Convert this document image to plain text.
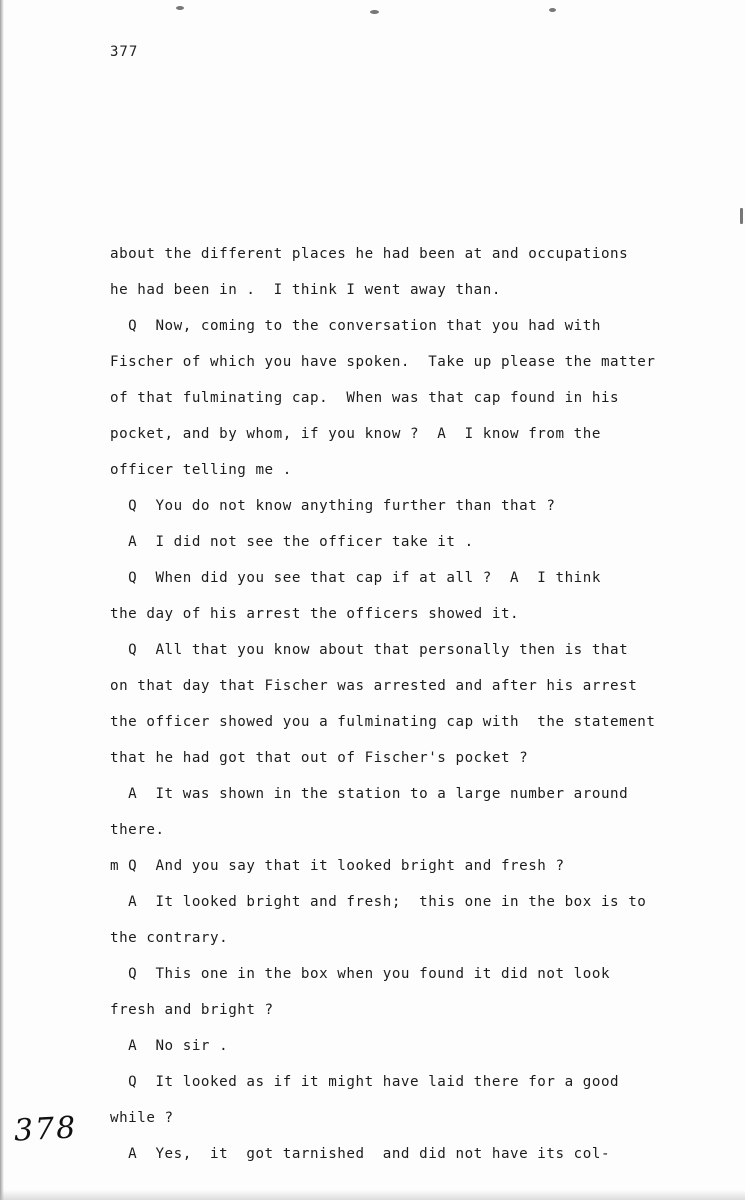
377
about the different places he had been at and occupations
he had been in .  I think I went away than.
Q  Now, coming to the conversation that you had with
Fischer of which you have spoken.  Take up please the matter
of that fulminating cap.  When was that cap found in his
pocket, and by whom, if you know ?  A  I know from the
officer telling me .
Q  You do not know anything further than that ?
A  I did not see the officer take it .
Q  When did you see that cap if at all ?  A  I think
the day of his arrest the officers showed it.
Q  All that you know about that personally then is that
on that day that Fischer was arrested and after his arrest
the officer showed you a fulminating cap with  the statement
that he had got that out of Fischer's pocket ?
A  It was shown in the station to a large number around
there.
m Q  And you say that it looked bright and fresh ?
A  It looked bright and fresh;  this one in the box is to
the contrary.
Q  This one in the box when you found it did not look
fresh and bright ?
A  No sir .
Q  It looked as if it might have laid there for a good
while ?
A  Yes,  it  got tarnished  and did not have its col-
378
